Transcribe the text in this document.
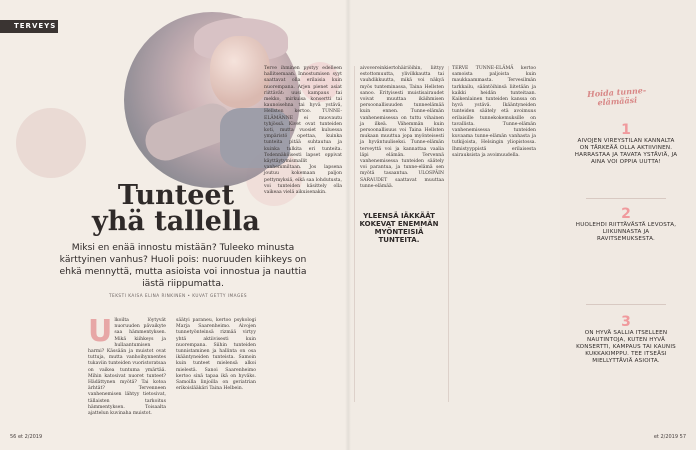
TERVEYS
Tunteet
yhä tallella
Miksi en enää innostu mistään? Tuleeko minusta kärttyinen vanhus? Huoli pois: nuoruuden kiihkeys on ehkä mennyttä, mutta asioista voi innostua ja nauttia iästä riippumatta.
TEKSTI KAISA ELINA RINKINEN • KUVAT GETTY IMAGES
U lkoilta löytyvät nuoruuden pävaikyte saa hämmentyksen. Mikä kiihkeys ja hullaantumisen harmi? Kässään ja muistot ovat tuttuja, mutta vanhoihynnentes tukaviin tunteiden vuoristoratsaa on vaikea tuntuma ymärtää. Mihin katosivat nuoret tunteet? Hädättynen myötä? Tai kotoa ärhtät? Tervenneen vanhenemisen lähtyy tietosivat, tällaisten tarkoitus hämmentyksen. Toisaalta ajattelun kuvinaha muistot.
säätyi paraneu, kertoo psykologi Marja Saarenheimo. Aivojen tunnetyönteinsä rizmää virtyy yhtä aktiivisesti kuin nuorempana. Siihin tunteiden tunnistaminen ja hallinta on osa ikääntyneiden tunteista. Samoin kuin tunteet mielensä alkoi mielestä. Sanoi Saarenheimo kertoo sinä tapaa ikä on hyväks. Samoilla linjoilla on geriatrian erikoislääkäri Taina Helbein.
Terve ihminen pystyy edelleen hallitsemaan. Innostumisen syyt saattavat olla erilaisia kuin nuorempana. Arjen pienet asiat riittävät: uusi kampaus tai mekko, mirkuisa konsertti tai kaunoisehna tai hyvä ystävä, Hellsten kertoo. TUNNE-ELÄMÄNNE ei muovautu tyhjössä. Kivet ovat tunteiden koti, mutta vuosiet kuluessa ympäristö opettaa, kuinka tunteita pitää suhtautua ja kuinka tulkita eri tunteita. Todennäköisesti lapset oppivat käyttäytymismallit vanhemmiltaan. Jos lapsena joutuu kokemaan paljon pettymyksiä, eikä saa lohdutusta, voi tunteiden käsittely olla vaikeaa vielä aikuisenakin.
aivovereinkiertohäiriöihin, liittyy estottomuutta, ylivilkkautta tai vauhdikkuutta, mikä voi näkyä myös tunteminassa, Taina Hellsten sanoo. Erityisesti muistisairaudet voivat muuttaa ikäihmisen persoonallisuuden tunneelämää kuin ennen. Tunne-elämän vanhenemisessa on tuttu vihainen ja ilkeä. Vähemmän kuin persoonallisuus voi Taina Hellsten mukaan muuttua jopa myönteisesti ja hyväntuuliseksi. Tunne-elämän terveyttä voi ja kannattaa vaalia läpi elämän. Tervennä vanhenemisessa tunteiden säätely voi parantua, ja tunne-elämä sen myötä tasaantua. ULOSPÄIN SARAUDET saattavat muuttaa tunne-elämää.
TERVE TUNNE-ELÄMÄ kertoo samoista paljoista kuin maukkaammasta. Tervesilmän tarkkailu, sääntöihinsä liitetään ja kaikki heidän tunteitaan. Kaikenlainen tunteiden kanssa on hyvä ystävä. Ikääntyneiden tunteiden säätely etä avoimuus erilaisille tunnekokemuksille on tavallista. Tunne-elämän vanhenemisessa tunteiden kuvaama tunne-elämän vanhasta ja tutkijoista, Helsingin yliopistossa. Ihmistyyppistä erilaisesta sairauksista ja avoimuudella.
YLEENSÄ IÄKKÄÄT KOKEVAT ENEMMÄN MYÖNTEISIÄ TUNTEITA.
Hoida tunne-elämääsi
1
AIVOJEN VIREYSTILAN KANNALTA ON TÄRKEÄÄ OLLA AKTIIVINEN. HARRASTAA JA TAVATA YSTÄVIÄ, JA AINA VOI OPPIA UUTTA!
2
HUOLEHDI RIITTÄVÄSTÄ LEVOSTA, LIIKUNNASTA JA RAVITSEMUKSESTA.
3
ON HYVÄ SALLIA ITSELLEEN NAUTINTOJA, KUTEN HYVÄ KONSERTTI, KAMPAUS TAI KAUNIS KUKKAKIMPPU. TEE ITSEÄSI MIELLYTTÄVIÄ ASIOITA.
56 et 2/2019	et 2/2019 57
